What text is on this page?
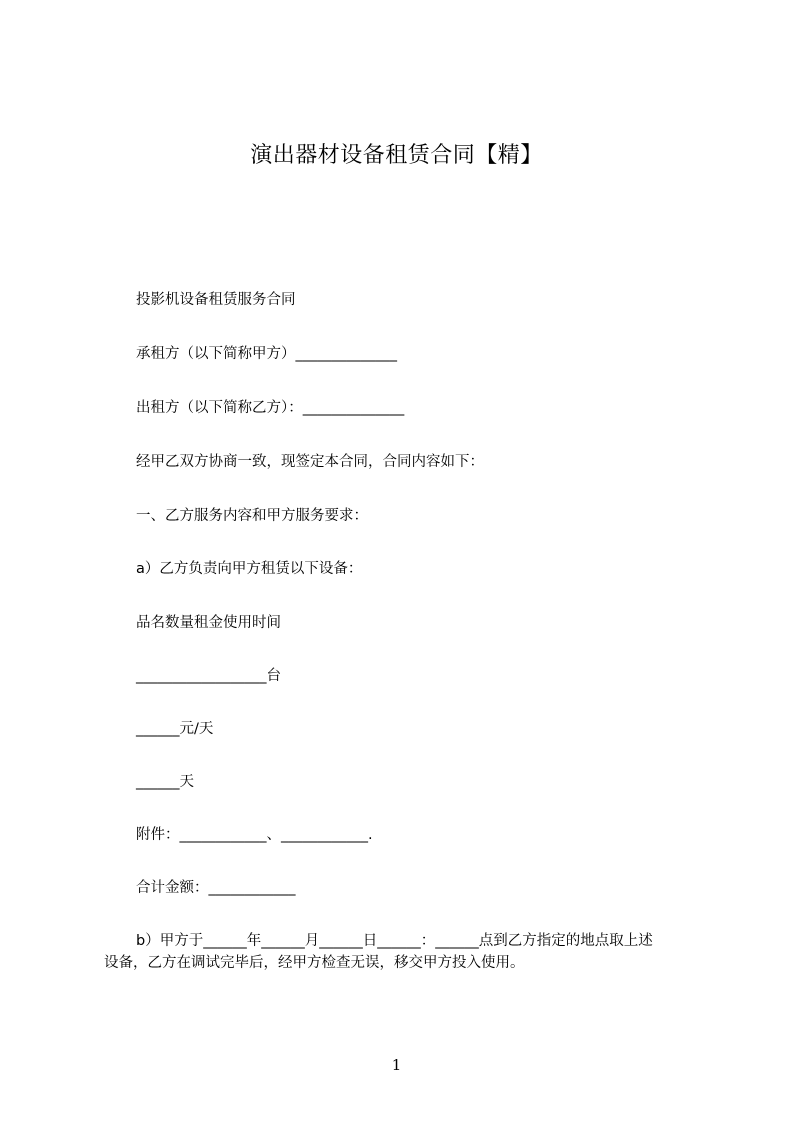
演出器材设备租赁合同【精】
投影机设备租赁服务合同
承租方（以下简称甲方）______________
出租方（以下简称乙方）：______________
经甲乙双方协商一致，现签定本合同，合同内容如下：
一、乙方服务内容和甲方服务要求：
a）乙方负责向甲方租赁以下设备：
品名数量租金使用时间
__________________台
______元/天
______天
附件：____________、____________.
合计金额：____________
b）甲方于______年______月______日______：______点到乙方指定的地点取上述
设备，乙方在调试完毕后，经甲方检查无误，移交甲方投入使用。
1
